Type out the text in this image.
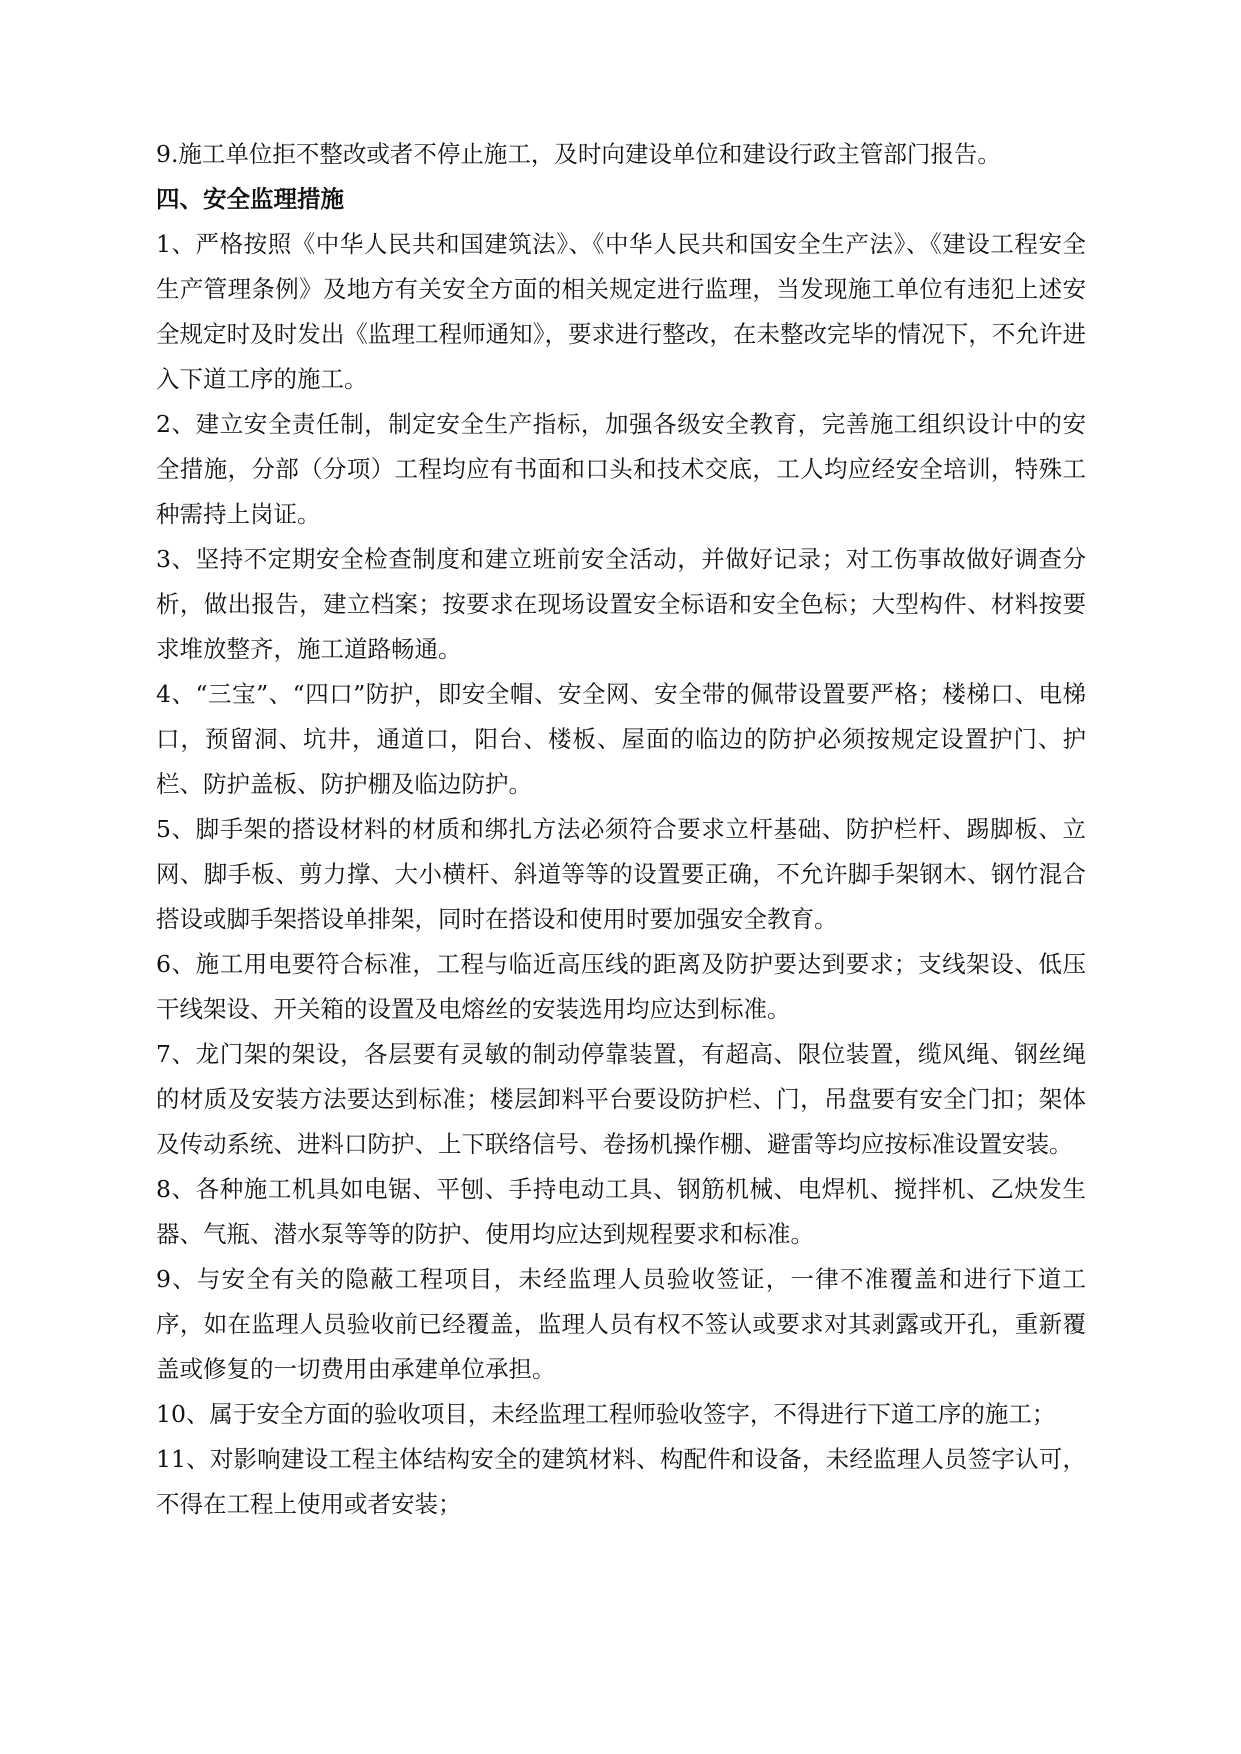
9.施工单位拒不整改或者不停止施工，及时向建设单位和建设行政主管部门报告。

四、安全监理措施

1、严格按照《中华人民共和国建筑法》、《中华人民共和国安全生产法》、《建设工程安全生产管理条例》及地方有关安全方面的相关规定进行监理，当发现施工单位有违犯上述安全规定时及时发出《监理工程师通知》，要求进行整改，在未整改完毕的情况下，不允许进入下道工序的施工。

2、建立安全责任制，制定安全生产指标，加强各级安全教育，完善施工组织设计中的安全措施，分部（分项）工程均应有书面和口头和技术交底，工人均应经安全培训，特殊工种需持上岗证。

3、坚持不定期安全检查制度和建立班前安全活动，并做好记录；对工伤事故做好调查分析，做出报告，建立档案；按要求在现场设置安全标语和安全色标；大型构件、材料按要求堆放整齐，施工道路畅通。

4、“三宝”、“四口”防护，即安全帽、安全网、安全带的佩带设置要严格；楼梯口、电梯口，预留洞、坑井，通道口，阳台、楼板、屋面的临边的防护必须按规定设置护门、护栏、防护盖板、防护棚及临边防护。

5、脚手架的搭设材料的材质和绑扎方法必须符合要求立杆基础、防护栏杆、踢脚板、立网、脚手板、剪力撑、大小横杆、斜道等等的设置要正确，不允许脚手架钢木、钢竹混合搭设或脚手架搭设单排架，同时在搭设和使用时要加强安全教育。

6、施工用电要符合标准，工程与临近高压线的距离及防护要达到要求；支线架设、低压干线架设、开关箱的设置及电熔丝的安装选用均应达到标准。

7、龙门架的架设，各层要有灵敏的制动停靠装置，有超高、限位装置，缆风绳、钢丝绳的材质及安装方法要达到标准；楼层卸料平台要设防护栏、门，吊盘要有安全门扣；架体及传动系统、进料口防护、上下联络信号、卷扬机操作棚、避雷等均应按标准设置安装。

8、各种施工机具如电锯、平刨、手持电动工具、钢筋机械、电焊机、搅拌机、乙炔发生器、气瓶、潜水泵等等的防护、使用均应达到规程要求和标准。

9、与安全有关的隐蔽工程项目，未经监理人员验收签证，一律不准覆盖和进行下道工序，如在监理人员验收前已经覆盖，监理人员有权不签认或要求对其剥露或开孔，重新覆盖或修复的一切费用由承建单位承担。

10、属于安全方面的验收项目，未经监理工程师验收签字，不得进行下道工序的施工；

11、对影响建设工程主体结构安全的建筑材料、构配件和设备，未经监理人员签字认可，不得在工程上使用或者安装；
